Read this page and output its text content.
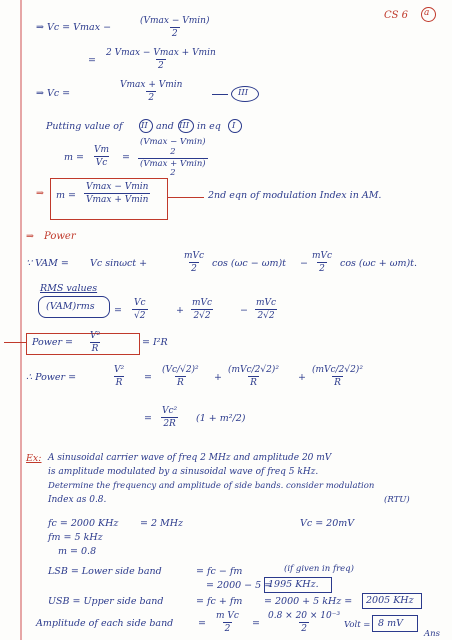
CS 6 a
⇒ Vc = Vmax −
(Vmax − Vmin)
2
=
2 Vmax − Vmax + Vmin
2
⇒ Vc =
Vmax + Vmin
2	III
Putting value of II and III in eq I
$m = \frac{Vm}{Vc}$ =
(Vmax − Vmin)
2
(Vmax + Vmin)
2
⇒ m =
Vmax − Vmin
Vmax + Vmin	2nd eqn of modulation Index in AM.
⇒ Power
∵ VAM = Vc sinωct +
mVc
2 cos (ωc − ωm)t −
mVc
2 cos (ωc + ωm)t.
RMS values
$(VAM)rms = \frac{Vc}{√2}$	+
mVc
2√2	−
mVc
2√2
Power = $\frac{\text{V²}}{R}$	= I²R
∴ Power =	$\frac{\text{V²}}{R} = \frac{\text{(Vc/√2)²}}{R}$ +
(mVc/2√2)²
R	+
(mVc/2√2)²
R
= $\frac{\text{Vc²}}{2R} (1 + m^2/2)$
Ex: A sinusoidal carrier wave of freq 2 MHz and amplitude 20 mV
is amplitude modulated by a sinusoidal wave of freq 5 kHz.
Determine the frequency and amplitude of side bands. consider modulation
Index as 0.8.	(RTU)
fc = 2000 KHz = 2 MHz	Vc = 20mV
fm = 5 kHz
m = 0.8
LSB = Lower side band	= fc − fm	(if given in freq)
= 2000 − 5 =
1995 KHz.
USB = Upper side band	= fc + fm = 2000 + 5 kHz = 2005 KHz
Amplitude of each side band	= $\frac{\text{m Vc}}{2} = \frac{\text{0.8 × 20 × 10⁻³}}{2}$ Volt = 8 mV
Ans
